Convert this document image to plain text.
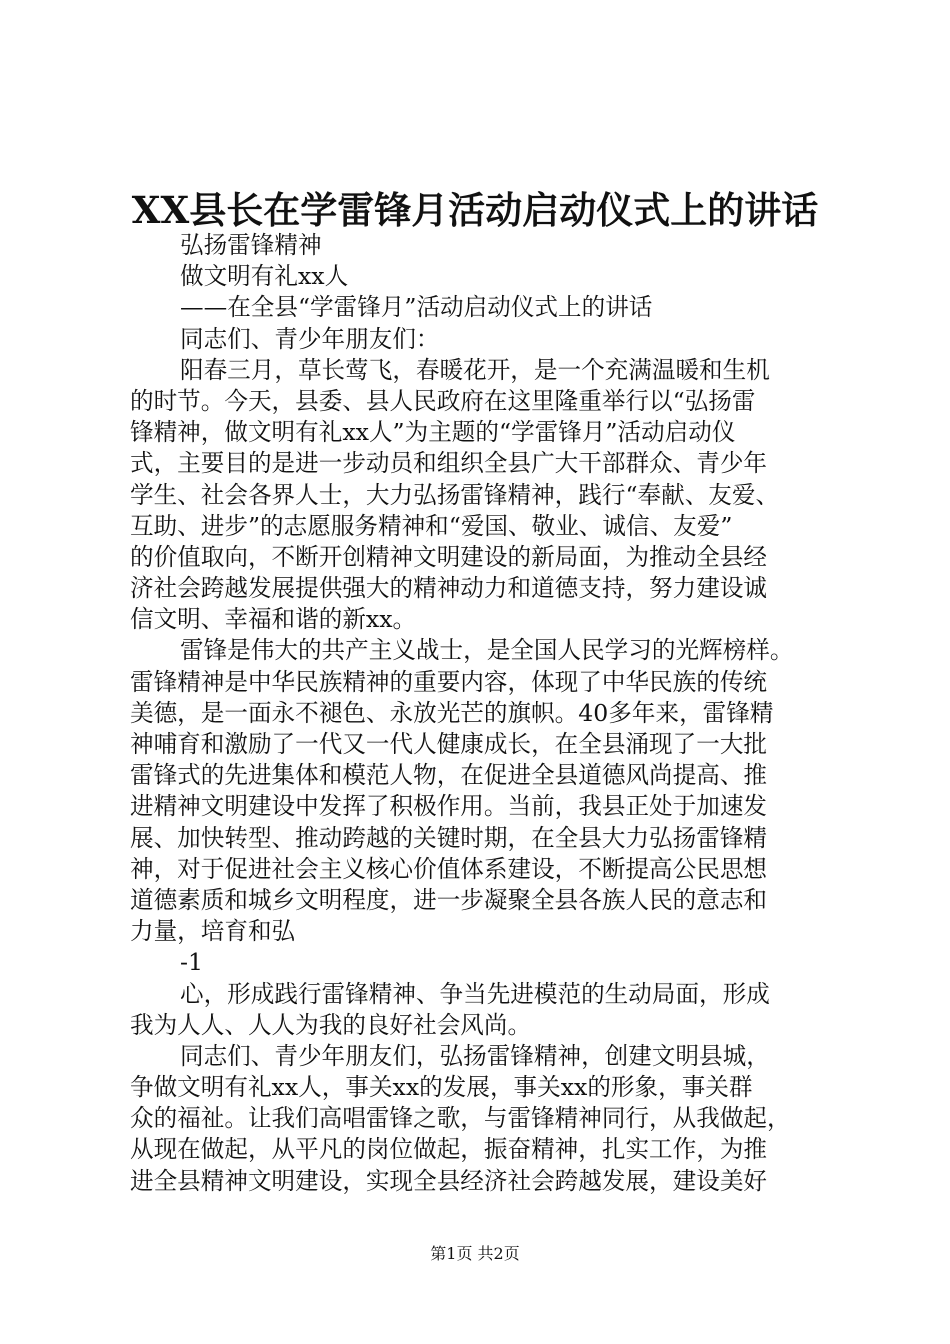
XX县长在学雷锋月活动启动仪式上的讲话
弘扬雷锋精神
做文明有礼xx人
——在全县“学雷锋月”活动启动仪式上的讲话
同志们、青少年朋友们：
阳春三月，草长莺飞，春暖花开，是一个充满温暖和生机
的时节。今天，县委、县人民政府在这里隆重举行以“弘扬雷
锋精神，做文明有礼xx人”为主题的“学雷锋月”活动启动仪
式，主要目的是进一步动员和组织全县广大干部群众、青少年
学生、社会各界人士，大力弘扬雷锋精神，践行“奉献、友爱、
互助、进步”的志愿服务精神和“爱国、敬业、诚信、友爱”
的价值取向，不断开创精神文明建设的新局面，为推动全县经
济社会跨越发展提供强大的精神动力和道德支持，努力建设诚
信文明、幸福和谐的新xx。
雷锋是伟大的共产主义战士，是全国人民学习的光辉榜样。
雷锋精神是中华民族精神的重要内容，体现了中华民族的传统
美德，是一面永不褪色、永放光芒的旗帜。40多年来，雷锋精
神哺育和激励了一代又一代人健康成长，在全县涌现了一大批
雷锋式的先进集体和模范人物，在促进全县道德风尚提高、推
进精神文明建设中发挥了积极作用。当前，我县正处于加速发
展、加快转型、推动跨越的关键时期，在全县大力弘扬雷锋精
神，对于促进社会主义核心价值体系建设，不断提高公民思想
道德素质和城乡文明程度，进一步凝聚全县各族人民的意志和
力量，培育和弘
-1
心，形成践行雷锋精神、争当先进模范的生动局面，形成
我为人人、人人为我的良好社会风尚。
同志们、青少年朋友们，弘扬雷锋精神，创建文明县城，
争做文明有礼xx人，事关xx的发展，事关xx的形象，事关群
众的福祉。让我们高唱雷锋之歌，与雷锋精神同行，从我做起，
从现在做起，从平凡的岗位做起，振奋精神，扎实工作，为推
进全县精神文明建设，实现全县经济社会跨越发展，建设美好
第1页 共2页
